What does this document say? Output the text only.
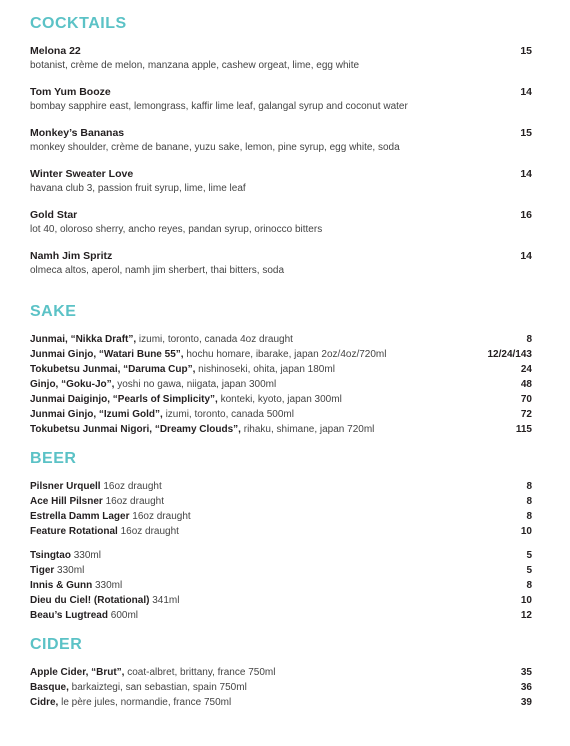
COCKTAILS
Melona 22	15
botanist, crème de melon, manzana apple, cashew orgeat, lime, egg white
Tom Yum Booze	14
bombay sapphire east, lemongrass, kaffir lime leaf, galangal syrup and coconut water
Monkey’s Bananas	15
monkey shoulder, crème de banane, yuzu sake, lemon, pine syrup, egg white, soda
Winter Sweater Love	14
havana club 3, passion fruit syrup, lime, lime leaf
Gold Star	16
lot 40, oloroso sherry, ancho reyes, pandan syrup, orinocco bitters
Namh Jim Spritz	14
olmeca altos, aperol, namh jim sherbert, thai bitters, soda
SAKE
Junmai, “Nikka Draft”, izumi, toronto, canada 4oz draught	8
Junmai Ginjo, “Watari Bune 55”, hochu homare, ibarake, japan 2oz/4oz/720ml	12/24/143
Tokubetsu Junmai, “Daruma Cup”, nishinoseki, ohita, japan 180ml	24
Ginjo, “Goku-Jo”, yoshi no gawa, niigata, japan 300ml	48
Junmai Daiginjo, “Pearls of Simplicity”, konteki, kyoto, japan 300ml	70
Junmai Ginjo, “Izumi Gold”, izumi, toronto, canada 500ml	72
Tokubetsu Junmai Nigori, “Dreamy Clouds”, rihaku, shimane, japan 720ml	115
BEER
Pilsner Urquell 16oz draught	8
Ace Hill Pilsner 16oz draught	8
Estrella Damm Lager 16oz draught	8
Feature Rotational 16oz draught	10
Tsingtao 330ml	5
Tiger 330ml	5
Innis & Gunn 330ml	8
Dieu du Ciel! (Rotational) 341ml	10
Beau’s Lugtread 600ml	12
CIDER
Apple Cider, “Brut”, coat-albret, brittany, france 750ml	35
Basque, barkaiztegi, san sebastian, spain 750ml	36
Cidre, le père jules, normandie, france 750ml	39
